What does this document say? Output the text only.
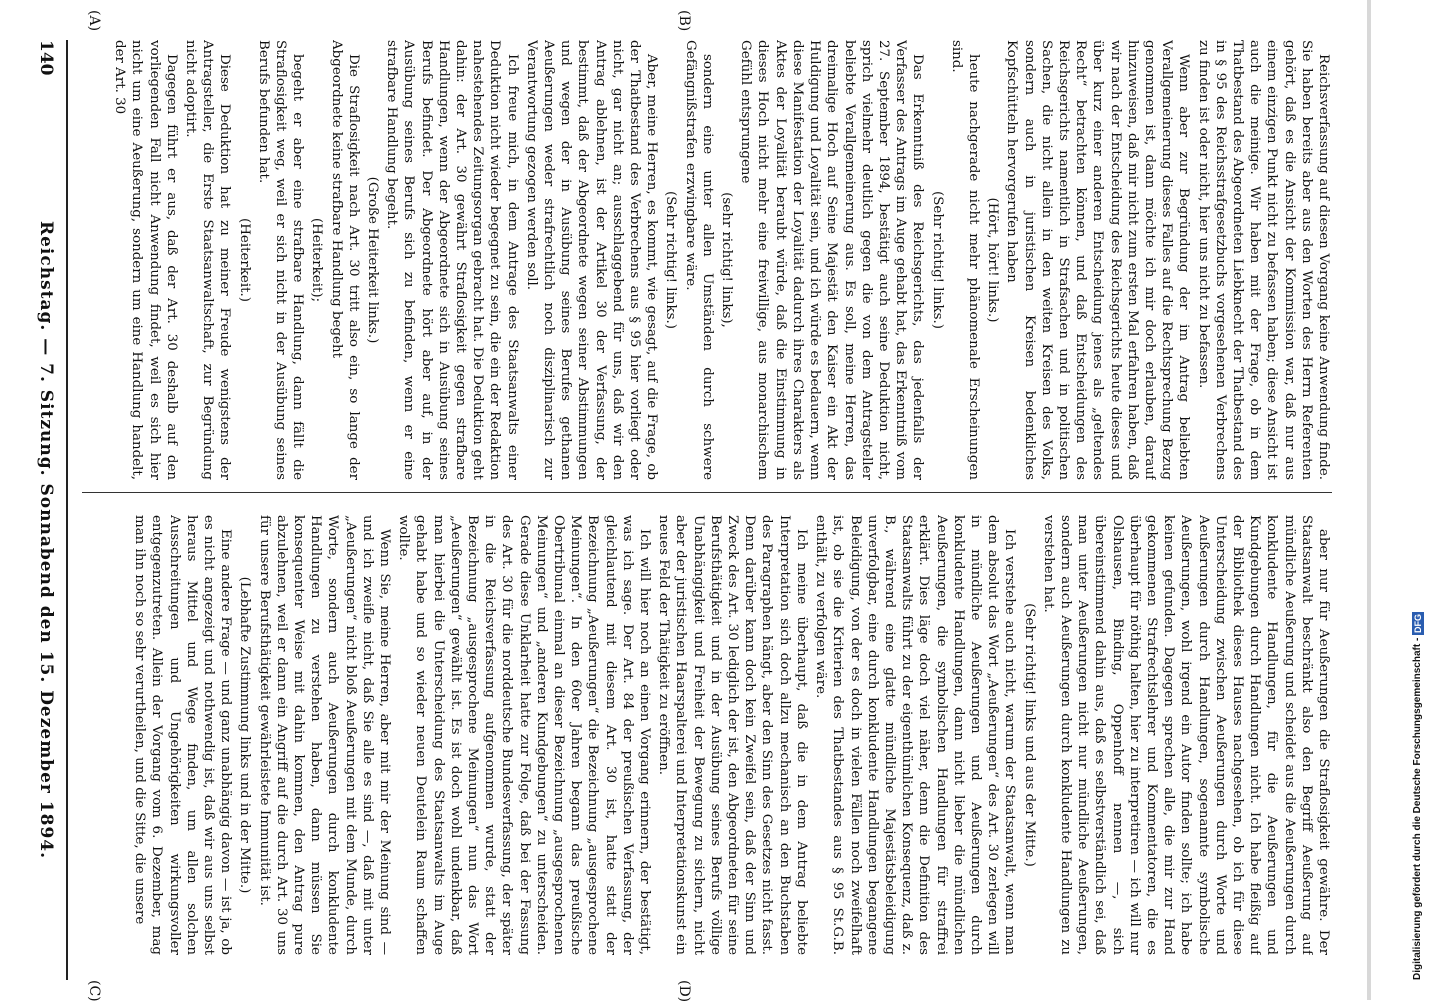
140
Reichstag. — 7. Sitzung. Sonnabend den 15. Dezember 1894.
(A)	(B)
(C)	(D)

Reichsverfassung auf diesen Vorgang keine Anwendung finde. Sie haben bereits aber aus den Worten des Herrn Referenten gehört, daß es die Ansicht der Kommission war, daß nur aus einem einzigen Punkt nicht zu befassen haben; diese Ansicht ist auch die meinige. Wir haben mit der Frage, ob in dem Thatbestand des Abgeordneten Liebknecht der Thatbestand des in § 95 des Reichsstrafgesetzbuchs vorgesehenen Verbrechens zu finden ist oder nicht, hier uns nicht zu befassen.

Wenn aber zur Begründung der im Antrag beliebten Verallgemeinerung dieses Falles auf die Rechtsprechung Bezug genommen ist, dann möchte ich mir doch erlauben, darauf hinzuweisen, daß mir nicht zum ersten Mal erfahren haben, daß wir nach der Entscheidung des Reichsgerichts heute dieses und über kurz einer anderen Entscheidung jenes als „geltendes Recht“ betrachten können, und daß Entscheidungen des Reichsgerichts namentlich in Strafsachen und in politischen Sachen, die nicht allein in den weiten Kreisen des Volks, sondern auch in juristischen Kreisen bedenkliches Kopfschütteln hervorgerufen haben

(Hört, hört! links.)

heute nachgerade nicht mehr phänomenale Erscheinungen sind.

(Sehr richtig! links.)

Das Erkenntniß des Reichsgerichts, das jedenfalls der Verfasser des Antrags im Auge gehabt hat, das Erkenntniß vom 27. September 1894, bestätigt auch seine Deduktion nicht, sprich vielmehr deutlich gegen die von dem Antragsteller beliebte Verallgemeinerung aus. Es soll, meine Herren, das dreimalige Hoch auf Seine Majestät den Kaiser ein Akt der Huldigung und Loyalität sein, und ich würde es bedauern, wenn diese Manifestation der Loyalität dadurch ihres Charakters als Aktes der Loyalität beraubt würde, daß die Einstimmung in dieses Hoch nicht mehr eine freiwillige, aus monarchischem Gefühl entsprungene

(sehr richtig! links),

sondern eine unter allen Umständen durch schwere Gefängnißstrafen erzwingbare wäre.

(Sehr richtig! links.)

Aber, meine Herren, es kommt, wie gesagt, auf die Frage, ob der Thatbestand des Verbrechens aus § 95 hier vorliegt oder nicht, gar nicht an; ausschlaggebend für uns, daß wir den Antrag ablehnen, ist der Artikel 30 der Verfassung, der bestimmt, daß der Abgeordnete wegen seiner Abstimmungen und wegen der in Ausübung seines Berufes gethanen Aeußerungen weder strafrechtlich noch disziplinarisch zur Verantwortung gezogen werden soll.

Ich freue mich, in dem Antrage des Staatsanwalts einer Deduktion nicht wieder begegnet zu sein, die ein der Redaktion nahestehendes Zeitungsorgan gebracht hat. Die Deduktion geht dahin: der Art. 30 gewährt Straflosigkeit gegen strafbare Handlungen, wenn der Abgeordnete sich in Ausübung seines Berufs befindet. Der Abgeordnete hört aber auf, in der Ausübung seines Berufs sich zu befinden, wenn er eine strafbare Handlung begeht.

(Große Heiterkeit links.)

Die Straflosigkeit nach Art. 30 tritt also ein, so lange der Abgeordnete keine strafbare Handlung begeht

(Heiterkeit);

begeht er aber eine strafbare Handlung, dann fällt die Straflosigkeit weg, weil er sich nicht in der Ausübung seines Berufs befunden hat.

(Heiterkeit.)

Diese Deduktion hat zu meiner Freude wenigstens der Antragsteller, die Erste Staatsanwaltschaft, zur Begründung nicht adoptirt.

Dagegen führt er aus, daß der Art. 30 deshalb auf den vorliegenden Fall nicht Anwendung findet, weil es sich hier nicht um eine Aeußerung, sondern um eine Handlung handelt, der Art. 30

aber nur für Aeußerungen die Straflosigkeit gewähre. Der Staatsanwalt beschränkt also den Begriff Aeußerung auf mündliche Aeußerung und scheidet aus die Aeußerungen durch konkludente Handlungen, für die Aeußerungen und Kundgebungen durch Handlungen nicht. Ich habe fleißig auf der Bibliothek dieses Hauses nachgesehen, ob ich für diese Unterscheidung zwischen Aeußerungen durch Worte und Aeußerungen durch Handlungen, sogenannte symbolische Aeußerungen, wohl irgend ein Autor finden sollte; ich habe keinen gefunden. Dagegen sprechen alle, die mir zur Hand gekommenen Strafrechtslehrer und Kommentatoren, die es überhaupt für nöthig halten, hier zu interpretiren — ich will nur Olshausen, Binding, Oppenhoff nennen —, sich übereinstimmend dahin aus, daß es selbstverständlich sei, daß man unter Aeußerungen nicht nur mündliche Aeußerungen, sondern auch Aeußerungen durch konkludente Handlungen zu verstehen hat.

(Sehr richtig! links und aus der Mitte.)

Ich verstehe auch nicht, warum der Staatsanwalt, wenn man dem absolut das Wort „Aeußerungen“ des Art. 30 zerlegen will in mündliche Aeußerungen und Aeußerungen durch konkludente Handlungen, dann nicht lieber die mündlichen Aeußerungen, die symbolischen Handlungen für straffrei erklärt. Dies läge doch viel näher, denn die Definition des Staatsanwalts führt zu der eigenthümlichen Konsequenz, daß z. B., während eine glatte mündliche Majestätsbeleidigung unverfolgbar, eine durch konkludente Handlungen begangene Beleidigung, von der es doch in vielen Fällen noch zweifelhaft ist, ob sie die Kriterien des Thatbestandes aus § 95 St.G.B. enthält, zu verfolgen wäre.

Ich meine überhaupt, daß die in dem Antrag beliebte Interpretation sich doch allzu mechanisch an den Buchstaben des Paragraphen hängt, aber den Sinn des Gesetzes nicht fasst. Denn darüber kann doch kein Zweifel sein, daß der Sinn und Zweck des Art. 30 lediglich der ist, den Abgeordneten für seine Berufsthätigkeit und in der Ausübung seines Berufs völlige Unabhängigkeit und Freiheit der Bewegung zu sichern, nicht aber der juristischen Haarspalterei und Interpretationskunst ein neues Feld der Thätigkeit zu eröffnen.

Ich will hier noch an einen Vorgang erinnern, der bestätigt, was ich sage. Der Art. 84 der preußischen Verfassung, der gleichlautend mit diesem Art. 30 ist, hatte statt der Bezeichnung „Aeußerungen“ die Bezeichnung „ausgesprochene Meinungen“. In den 60er Jahren begann das preußische Obertribunal einmal an dieser Bezeichnung „ausgesprochenen Meinungen“ und „anderen Kundgebungen“ zu unterscheiden. Gerade diese Unklarheit hatte zur Folge, daß bei der Fassung des Art. 30 für die norddeutsche Bundesverfassung, der später in die Reichsverfassung aufgenommen wurde, statt der Bezeichnung „ausgesprochene Meinungen“ nun das Wort „Aeußerungen“ gewählt ist. Es ist doch wohl undenkbar, daß man hierbei die Unterscheidung des Staatsanwalts im Auge gehabt habe und so wieder neuen Deutelein Raum schaffen wollte.

Wenn Sie, meine Herren, aber mit mir der Meinung sind — und ich zweifle nicht, daß Sie alle es sind —, daß mit unter „Aeußerungen“ nicht bloß Aeußerungen mit dem Munde, durch Worte, sondern auch Aeußerungen durch konkludente Handlungen zu verstehen haben, dann müssen Sie konsequenter Weise mit dahin kommen, den Antrag pure abzulehnen, weil er dann ein Angriff auf die durch Art. 30 uns für unsere Berufsthätigkeit gewährleistete Immunität ist.

(Lebhafte Zustimmung links und in der Mitte.)

Eine andere Frage — und ganz unabhängig davon — ist ja, ob es nicht angezeigt und nothwendig ist, daß wir aus uns selbst heraus Mittel und Wege finden, um allen solchen Ausschreitungen und Ungehörigkeiten wirkungsvoller entgegenzutreten. Allein der Vorgang vom 6. Dezember, mag man ihn noch so sehr verurtheilen, und die Sitte, die unsere	Digitalisierung gefördert durch die Deutsche Forschungsgemeinschaft - DFG
